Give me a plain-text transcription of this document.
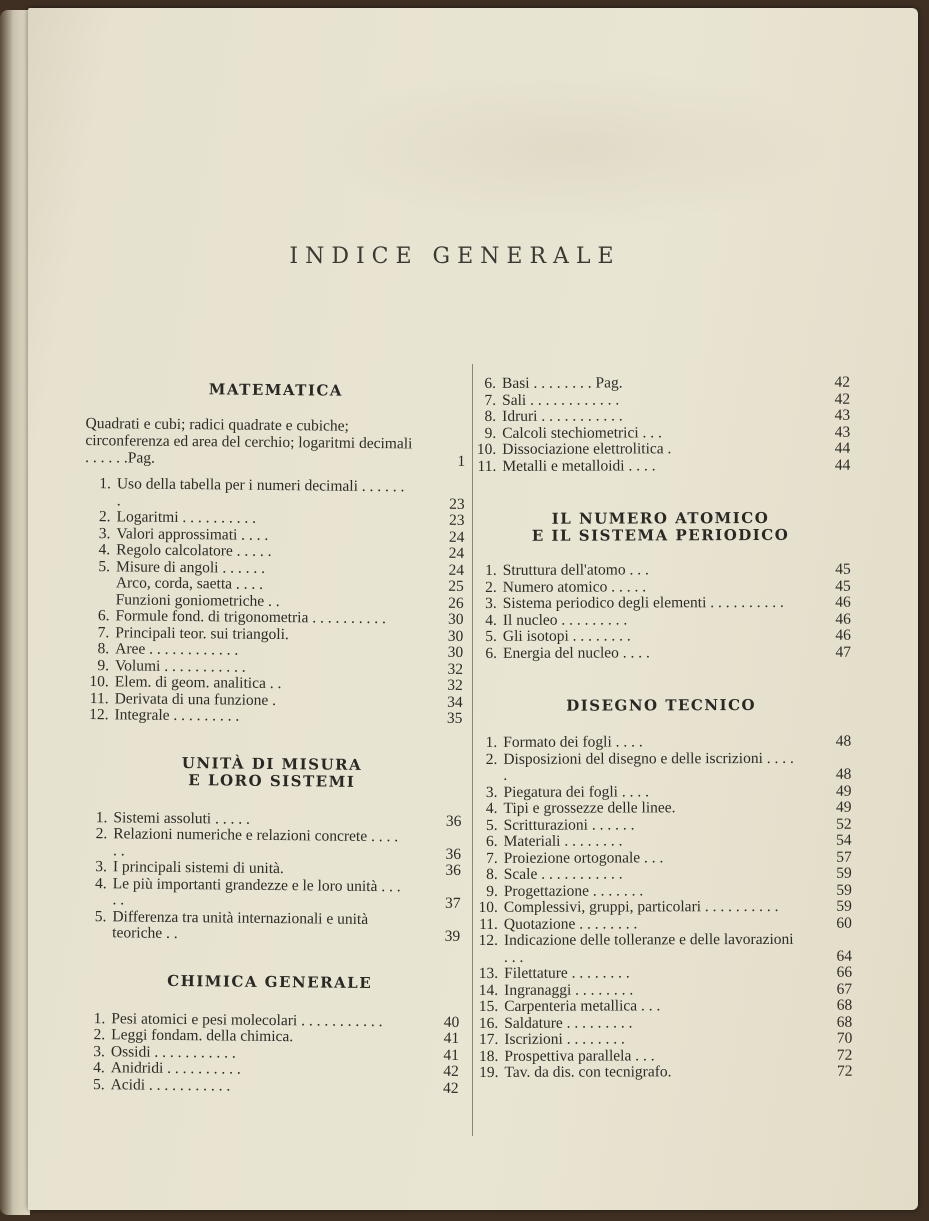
INDICE GENERALE
MATEMATICA
Quadrati e cubi; radici quadrate e cubiche; circonferenza ed area del cerchio; logaritmi decimali . . . . . .Pag.	1
1. Uso della tabella per i numeri decimali . . . . . . .	23
2. Logaritmi . . . . . . . . . .	23
3. Valori approssimati . . . .	24
4. Regolo calcolatore . . . . .	24
5. Misure di angoli . . . . . .	24
Arco, corda, saetta . . . .	25
Funzioni goniometriche . .	26
6. Formule fond. di trigonometria . . . . . . . . . .	30
7. Principali teor. sui triangoli.	30
8. Aree . . . . . . . . . . . .	30
9. Volumi . . . . . . . . . . .	32
10. Elem. di geom. analitica . .	32
11. Derivata di una funzione .	34
12. Integrale . . . . . . . . .	35
UNITÀ DI MISURA
E LORO SISTEMI
1. Sistemi assoluti . . . . .	36
2. Relazioni numeriche e relazioni concrete . . . . . .	36
3. I principali sistemi di unità.	36
4. Le più importanti grandezze e le loro unità . . . . .	37
5. Differenza tra unità internazionali e unità teoriche . .	39
CHIMICA GENERALE
1. Pesi atomici e pesi molecolari . . . . . . . . . . .	40
2. Leggi fondam. della chimica.	41
3. Ossidi . . . . . . . . . . .	41
4. Anidridi . . . . . . . . . .	42
5. Acidi . . . . . . . . . . .	42
6. Basi . . . . . . . . Pag.	42
7. Sali . . . . . . . . . . . .	42
8. Idruri . . . . . . . . . . .	43
9. Calcoli stechiometrici . . .	43
10. Dissociazione elettrolitica .	44
11. Metalli e metalloidi . . . .	44
IL NUMERO ATOMICO
E IL SISTEMA PERIODICO
1. Struttura dell'atomo . . .	45
2. Numero atomico . . . . .	45
3. Sistema periodico degli elementi . . . . . . . . . .	46
4. Il nucleo . . . . . . . . .	46
5. Gli isotopi . . . . . . . .	46
6. Energia del nucleo . . . .	47
DISEGNO TECNICO
1. Formato dei fogli . . . .	48
2. Disposizioni del disegno e delle iscrizioni . . . . .	48
3. Piegatura dei fogli . . . .	49
4. Tipi e grossezze delle linee.	49
5. Scritturazioni . . . . . .	52
6. Materiali . . . . . . . .	54
7. Proiezione ortogonale . . .	57
8. Scale . . . . . . . . . . .	59
9. Progettazione . . . . . . .	59
10. Complessivi, gruppi, particolari . . . . . . . . . .	59
11. Quotazione . . . . . . . .	60
12. Indicazione delle tolleranze e delle lavorazioni . . .	64
13. Filettature . . . . . . . .	66
14. Ingranaggi . . . . . . . .	67
15. Carpenteria metallica . . .	68
16. Saldature . . . . . . . . .	68
17. Iscrizioni . . . . . . . .	70
18. Prospettiva parallela . . .	72
19. Tav. da dis. con tecnigrafo.	72
